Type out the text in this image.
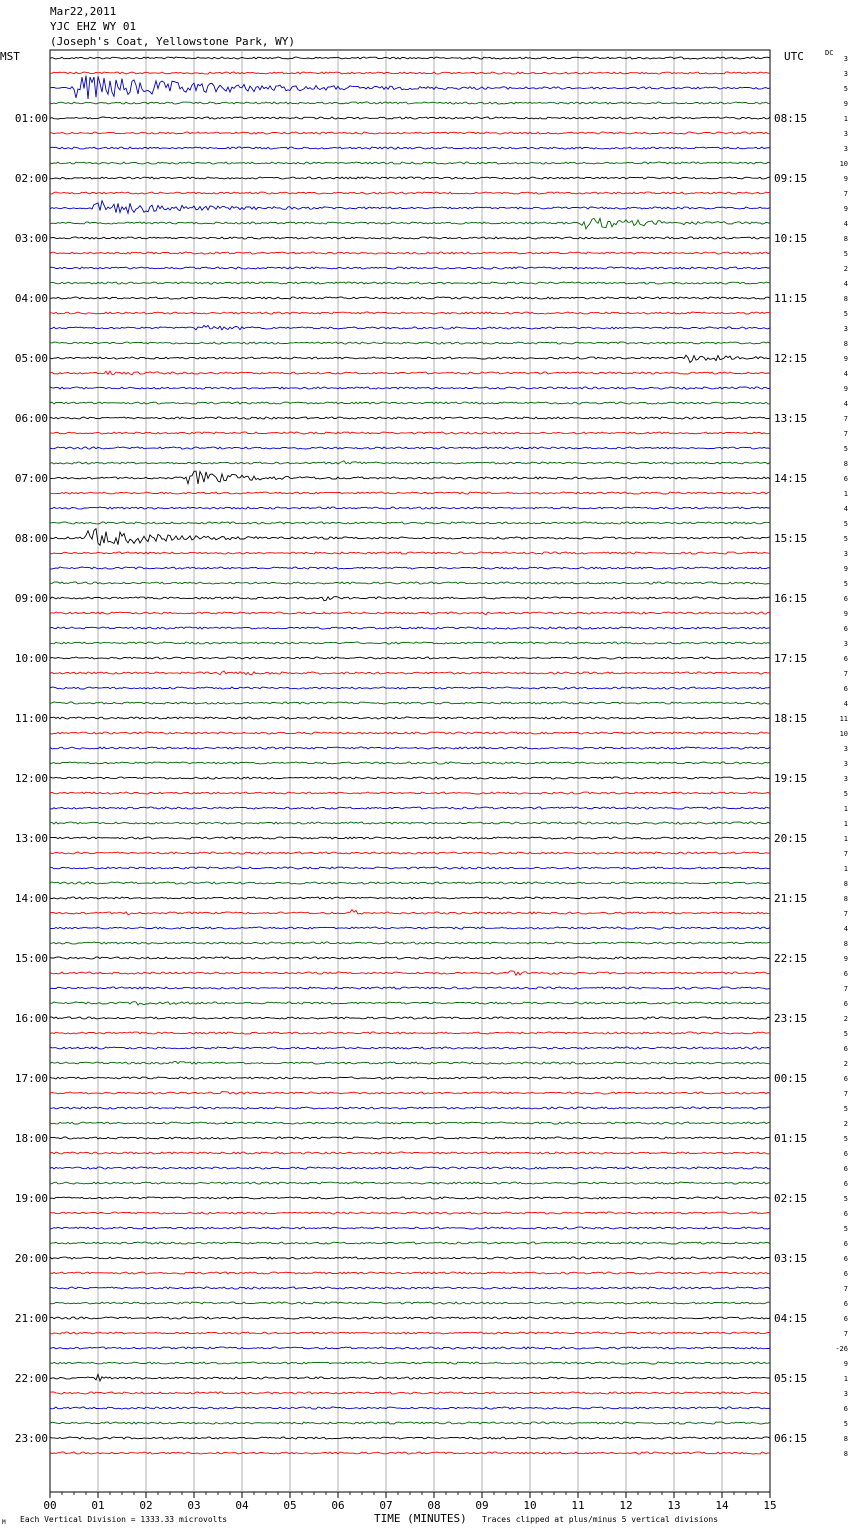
Mar22,2011
YJC EHZ WY 01
(Joseph's Coat, Yellowstone Park, WY)
MST	UTC	DC
00	01	02	03	04	05	06	07	08	09	10	11	12	13	14	15
01:00
02:00
03:00
04:00
05:00
06:00
07:00
08:00
09:00
10:00
11:00
12:00
13:00
14:00
15:00
16:00
17:00
18:00
19:00
20:00
21:00
22:00
23:00
08:15
09:15
10:15
11:15
12:15
13:15
14:15
15:15
16:15
17:15
18:15
19:15
20:15
21:15
22:15
23:15
00:15
01:15
02:15
03:15
04:15
05:15
06:15
3
3
5
9
1
3
3
10
9
7
9
4
8
5
2
4
8
5
3
8
9
4
9
4
7
7
5
8
6
1
4
5
5
3
9
5
6
9
6
3
6
7
6
4
11
10
3
3
3
5
1
1
1
7
1
8
8
7
4
8
9
6
7
6
2
5
6
2
6
7
5
2
5
6
6
6
5
6
5
6
6
6
7
6
6
7
-26
9
1
3
6
5
8
8
M Each Vertical Division = 1333.33 microvolts	TIME (MINUTES) Traces clipped at plus/minus 5 vertical divisions
